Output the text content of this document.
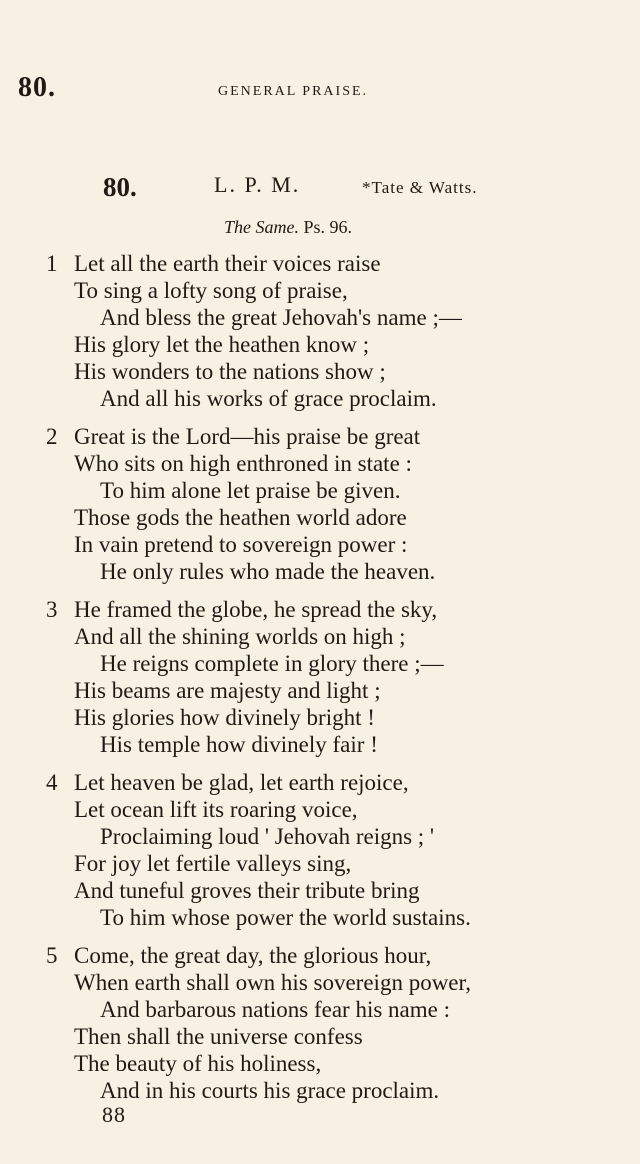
80.	GENERAL PRAISE.
80.	L. P. M.	*Tate & Watts.
The Same. Ps. 96.
1 Let all the earth their voices raise
To sing a lofty song of praise,
And bless the great Jehovah's name ;—
His glory let the heathen know ;
His wonders to the nations show ;
And all his works of grace proclaim.
2 Great is the Lord—his praise be great
Who sits on high enthroned in state :
To him alone let praise be given.
Those gods the heathen world adore
In vain pretend to sovereign power :
He only rules who made the heaven.
3 He framed the globe, he spread the sky,
And all the shining worlds on high ;
He reigns complete in glory there ;—
His beams are majesty and light ;
His glories how divinely bright !
His temple how divinely fair !
4 Let heaven be glad, let earth rejoice,
Let ocean lift its roaring voice,
Proclaiming loud ' Jehovah reigns ; '
For joy let fertile valleys sing,
And tuneful groves their tribute bring
To him whose power the world sustains.
5 Come, the great day, the glorious hour,
When earth shall own his sovereign power,
And barbarous nations fear his name :
Then shall the universe confess
The beauty of his holiness,
And in his courts his grace proclaim.
88
